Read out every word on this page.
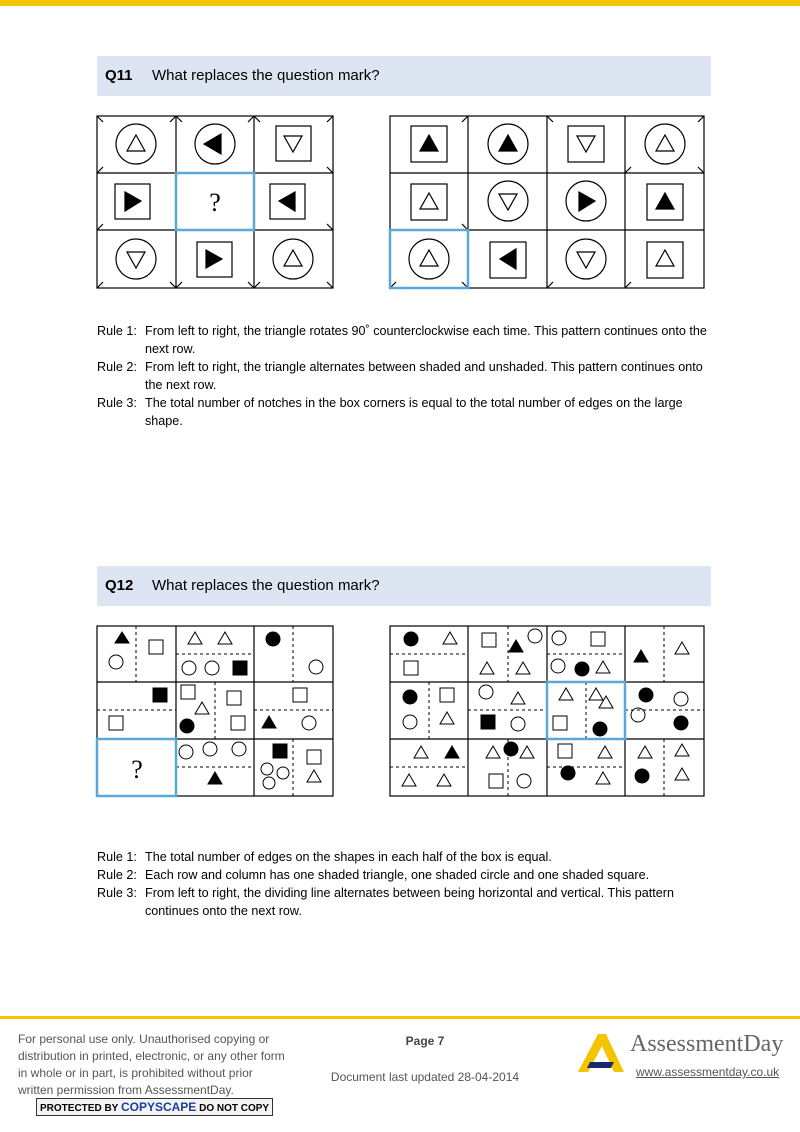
Q11 What replaces the question mark?
?
Rule 1: From left to right, the triangle rotates 90˚ counterclockwise each time. This pattern continues onto the next row.
Rule 2: From left to right, the triangle alternates between shaded and unshaded. This pattern continues onto the next row.
Rule 3: The total number of notches in the box corners is equal to the total number of edges on the large shape.
Q12 What replaces the question mark?
?
Rule 1: The total number of edges on the shapes in each half of the box is equal.
Rule 2: Each row and column has one shaded triangle, one shaded circle and one shaded square.
Rule 3: From left to right, the dividing line alternates between being horizontal and vertical. This pattern continues onto the next row.
For personal use only. Unauthorised copying or distribution in printed, electronic, or any other form in whole or in part, is prohibited without prior written permission from AssessmentDay.
PROTECTED BY COPYSCAPE DO NOT COPY
Page 7
Document last updated 28-04-2014
AssessmentDay
www.assessmentday.co.uk
